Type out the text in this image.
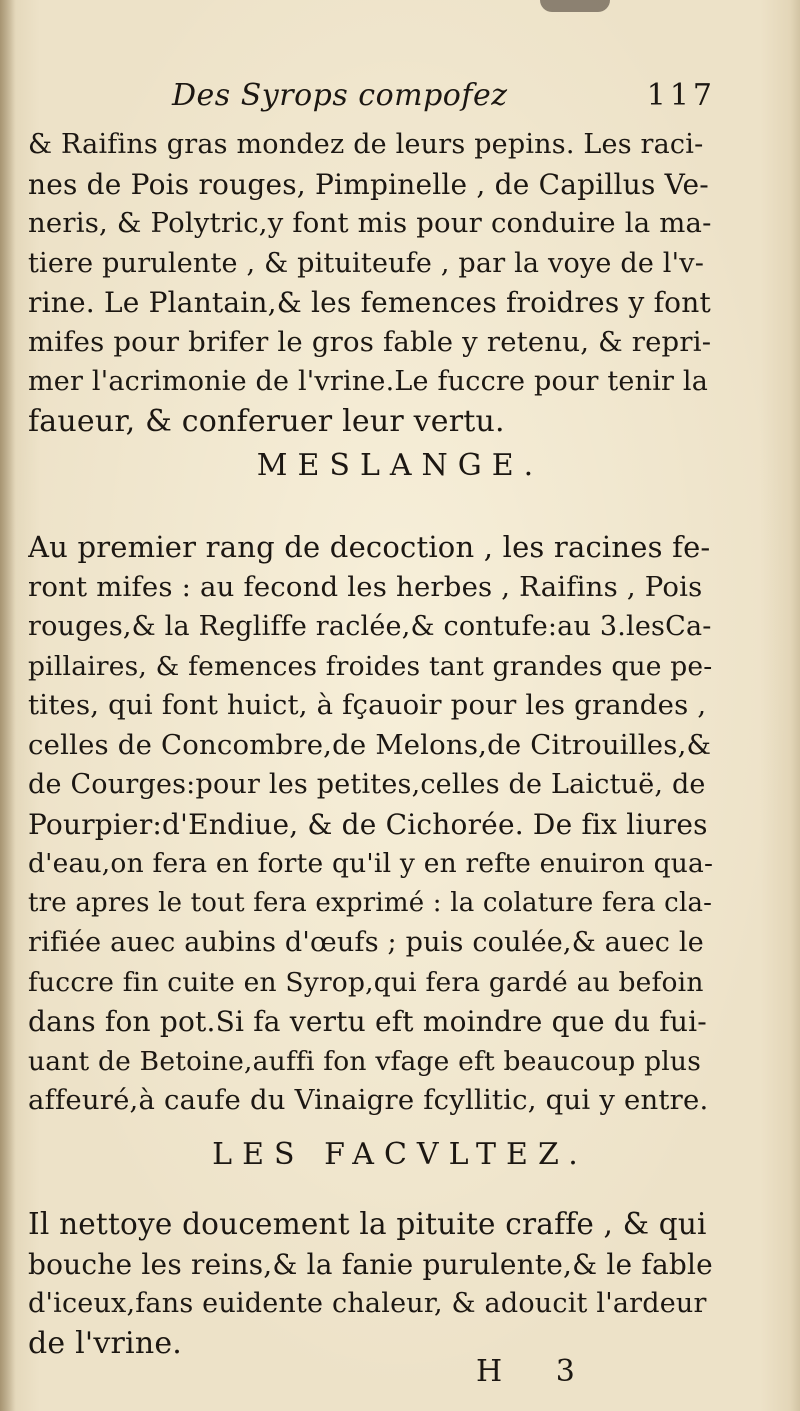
Des Syrops compofez	117
& Raifins gras mondez de leurs pepins. Les raci-
nes de Pois rouges, Pimpinelle , de Capillus Ve-
neris, & Polytric,y font mis pour conduire la ma-
tiere purulente , & pituiteufe , par la voye de l'v-
rine. Le Plantain,& les femences froidres y font
mifes pour brifer le gros fable y retenu, & repri-
mer l'acrimonie de l'vrine.Le fuccre pour tenir la
faueur, & conferuer leur vertu.
MESLANGE.
Au premier rang de decoction , les racines fe-
ront mifes : au fecond les herbes , Raifins , Pois
rouges,& la Regliffe raclée,& contufe:au 3.lesCa-
pillaires, & femences froides tant grandes que pe-
tites, qui font huict, à fçauoir pour les grandes ,
celles de Concombre,de Melons,de Citrouilles,&
de Courges:pour les petites,celles de Laictuë, de
Pourpier:d'Endiue, & de Cichorée. De fix liures
d'eau,on fera en forte qu'il y en refte enuiron qua-
tre apres le tout fera exprimé : la colature fera cla-
rifiée auec aubins d'œufs ; puis coulée,& auec le
fuccre fin cuite en Syrop,qui fera gardé au befoin
dans fon pot.Si fa vertu eft moindre que du fui-
uant de Betoine,auffi fon vfage eft beaucoup plus
affeuré,à caufe du Vinaigre fcyllitic, qui y entre.
LES FACVLTEZ.
Il nettoye doucement la pituite craffe , & qui
bouche les reins,& la fanie purulente,& le fable
d'iceux,fans euidente chaleur, & adoucit l'ardeur
de l'vrine.
H 3
